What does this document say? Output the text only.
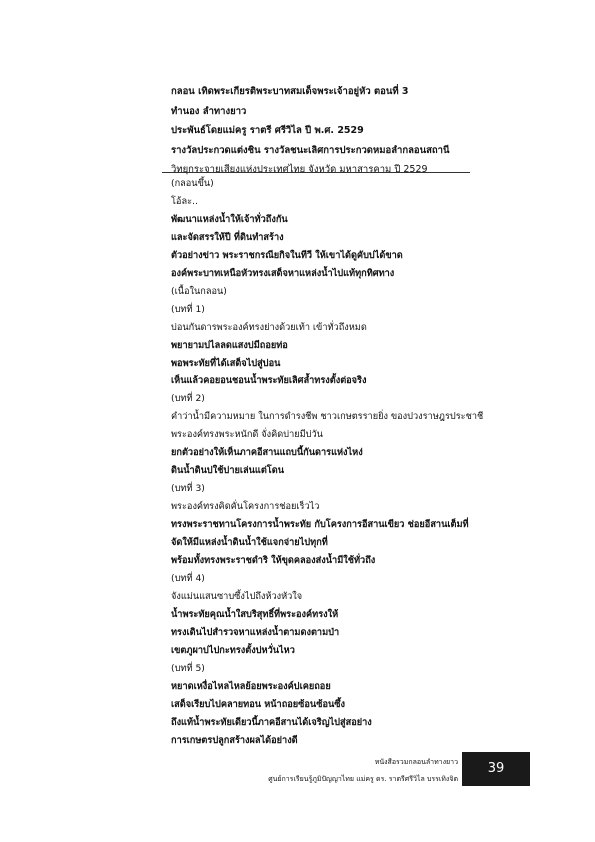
กลอน เทิดพระเกียรติพระบาทสมเด็จพระเจ้าอยู่หัว ตอนที่ 3
ทำนอง ลำทางยาว
ประพันธ์โดยแม่ครู ราตรี ศรีวิไล ปี พ.ศ. 2529
รางวัลประกวดแต่งชิน รางวัลชนะเลิศการประกวดหมอลำกลอนสถานี
วิทยุกระจายเสียงแห่งประเทศไทย จังหวัด มหาสารคาม ปี 2529
(กลอนขึ้น)
โอ้ละ..
พัฒนาแหล่งน้ำให้เจ้าทั่วถึงกัน
และจัดสรรให้ปี ที่ดินทำสร้าง
ตัวอย่างข่าว พระราชกรณียกิจในทีวี ให้เขาได้ดูคับบ่ได้ขาด
องค์พระบาทเหนือหัวทรงเสด็จหาแหล่งน้ำไปแท้ทุกทิศทาง
(เนื้อในกลอน)
(บทที่ 1)
บ่อนกันดารพระองค์ทรงย่างด้วยเท้า เข้าทั่วถึงหมด
พยายามบ่ไลลดแสงบ่มีถอยท่อ
พอพระทัยที่ได้เสด็จไปสู่บ่อน
เห็นแล้วคอยอนชอนน้ำพระทัยเลิศล้ำทรงตั้งต่อจริง
(บทที่ 2)
คำว่าน้ำมีความหมาย ในการดำรงชีพ ชาวเกษตรรายยิ่ง ของปวงราษฎรประชาชี
พระองค์ทรงพระหนักดี จั่งคิดบ่ายมีบ่วัน
ยกตัวอย่างให้เห็นภาคอีสานแถบนี้กันดารแห่งไหง่
ดินน้ำดินบ่ใช้บ่ายเล่นแต่โดน
(บทที่ 3)
พระองค์ทรงคิดคั่นโครงการช่อยเร็วไว
ทรงพระราชทานโครงการน้ำพระทัย กับโครงการอีสานเขียว ช่อยอีสานเต็มที่
จัดให้มีแหล่งน้ำดินน้ำใช้แจกจ่ายไปทุกที่
พร้อมทั้งทรงพระราชดำริ ให้ขุดคลองส่งน้ำมีใช้ทั่วถึง
(บทที่ 4)
จังแม่นแสนซาบซึ้งไปถึงห้วงหัวใจ
น้ำพระทัยคุณน้ำใสบริสุทธิ์ที่พระองค์ทรงให้
ทรงเดินไปสำรวจหาแหล่งน้ำตามดงตามป่า
เขตภูผาบ่ไปกะทรงตั้งบ่หวั่นไหว
(บทที่ 5)
หยาดเหงื่อไหลไหลย้อยพระองค์บ่เคยถอย
เสด็จเรียบไปคลายทอน หน้าถอยซ้อนซ้อนซึ้ง
ถึงแท้น้ำพระทัยเดียวนี้ภาคอีสานได้เจริญไปสู่สอย่าง
การเกษตรปลูกสร้างผลได้อย่างดี
หนังสือรวมกลอนลำทางยาว
ศูนย์การเรียนรู้ภูมิปัญญาไทย แม่ครู ดร. ราตรีศรีวิไล บรรเทิงจิต
39
